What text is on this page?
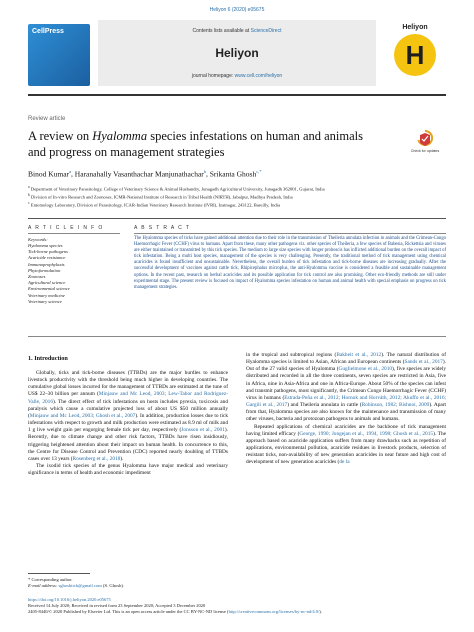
Heliyon 6 (2020) e05675
CellPress	Contents lists available at ScienceDirect
Heliyon
journal homepage: www.cell.com/heliyon
Heliyon
H
Review article
A review on Hyalomma species infestations on human and animals and progress on management strategies	Check for updates
Binod Kumar$^a$, Haranahally Vasanthachar Manjunathachar$^b$, Srikanta Ghosh$^{c,*}$
$^a$ Department of Veterinary Parasitology, College of Veterinary Science & Animal Husbandry, Junagadh Agricultural University, Junagadh 362001, Gujarat, India
$^b$ Division of In-vitro Research and Zoonoses, ICMR-National Institute of Research in Tribal Health (NIRTH), Jabalpur, Madhya Pradesh, India
$^c$ Entomology Laboratory, Division of Parasitology, ICAR-Indian Veterinary Research Institute (IVRI), Izatnagar, 243122, Bareilly, India
A R T I C L E I N F O	A B S T R A C T
Keywords:
Hyalomma species
Tick-borne pathogens
Acaricide resistance
Immunoprophylaxis
Phytoformulation
Zoonoses
Agricultural science
Environmental science
Veterinary medicine
Veterinary science
The Hyalomma species of ticks have gained additional attention due to their role in the transmission of Theileria annulata infection in animals and the Crimean-Congo Haemorrhagic Fever (CCHF) virus to humans. Apart from these, many other pathogens viz. other species of Theileria, a few species of Babesia, Rickettsia and viruses are either maintained or transmitted by this tick species. The medium to large size species with longer proboscis has inflicted additional burden on the overall impact of tick infestation. Being a multi host species, management of the species is very challenging. Presently, the traditional method of tick management using chemical acaricides is found insufficient and unsustainable. Nevertheless, the overall burden of tick infestation and tick-borne diseases are increasing gradually. After the successful development of vaccines against cattle tick, Rhipicephalus microplus, the anti-Hyalomma vaccine is considered a feasible and sustainable management options. In the recent past, research on herbal acaricides and its possible application for tick control are also promising. Other eco-friendly methods are still under experimental stage. The present review is focused on impact of Hyalomma species infestation on human and animal health with special emphasis on progress on tick management strategies.
1. Introduction

Globally, ticks and tick-borne diseases (TTBDs) are the major hurdles to enhance livestock productivity with the threshold being much higher in developing countries. The cumulative global losses incurred for the management of TTBDs are estimated at the tune of US$ 22–30 billion per annum (Minjauw and Mc Leod, 2003; Lew-Tabor and Rodriguez-Valle, 2016). The direct effect of tick infestations on hosts includes pyrexia, toxicosis and paralysis which cause a cumulative projected loss of about US $50 million annually (Minjauw and Mc Leod, 2003; Ghosh et al., 2007). In addition, production losses due to tick infestations with respect to growth and milk production were estimated as 8.9 ml of milk and 1 g live weight gain per engorging female tick per day, respectively (Jonsson et al., 2001). Recently, due to climate change and other risk factors, TTBDs have risen insidiously, triggering heightened attention about their impact on human health. In concurrence to this, the Centre for Disease Control and Prevention (CDC) reported nearly doubling of TTBDs cases over 13 years (Rosenberg et al., 2018).

The ixodid tick species of the genus Hyalomma have major medical and veterinary significance in terms of health and economic impediment

in the tropical and subtropical regions (Bakheit et al., 2012). The natural distribution of Hyalomma species is limited to Asian, African and European continents (Sands et al., 2017). Out of the 27 valid species of Hyalomma (Guglielmone et al., 2010), five species are widely distributed and recorded in all the three continents, seven species are restricted in Asia, five in Africa, nine in Asia-Africa and one in Africa-Europe. About 50% of the species can infest and transmit pathogens, most significantly, the Crimean Congo Haemorrhagic Fever (CCHF) virus in humans (Estrada-Peña et al., 2012; Hornok and Horváth, 2012; Akuffo et al., 2016; Gargili et al., 2017) and Theileria annulata in cattle (Robinson, 1982; Bishnoi, 2009). Apart from that, Hyalomma species are also known for the maintenance and transmission of many other viruses, bacteria and protozoan pathogens to animals and humans.

Repeated applications of chemical acaricides are the backbone of tick management having limited efficacy (George, 1990; Jongejan et al., 1994, 1998; Ghosh et al., 2015). The approach based on acaricide application suffers from many drawbacks such as repetition of applications, environmental pollution, acaricide residues in livestock products, selection of resistant ticks, non-availability of new generation acaricides in near future and high cost of development of new generation acaricides (de la

* Corresponding author.
E-mail address: sghoshtick@gmail.com (S. Ghosh).
https://doi.org/10.1016/j.heliyon.2020.e05675
Received 14 July 2020; Received in revised form 23 September 2020; Accepted 3 December 2020
2405-8440/© 2020 Published by Elsevier Ltd. This is an open access article under the CC BY-NC-ND license (http://creativecommons.org/licenses/by-nc-nd/4.0/).
